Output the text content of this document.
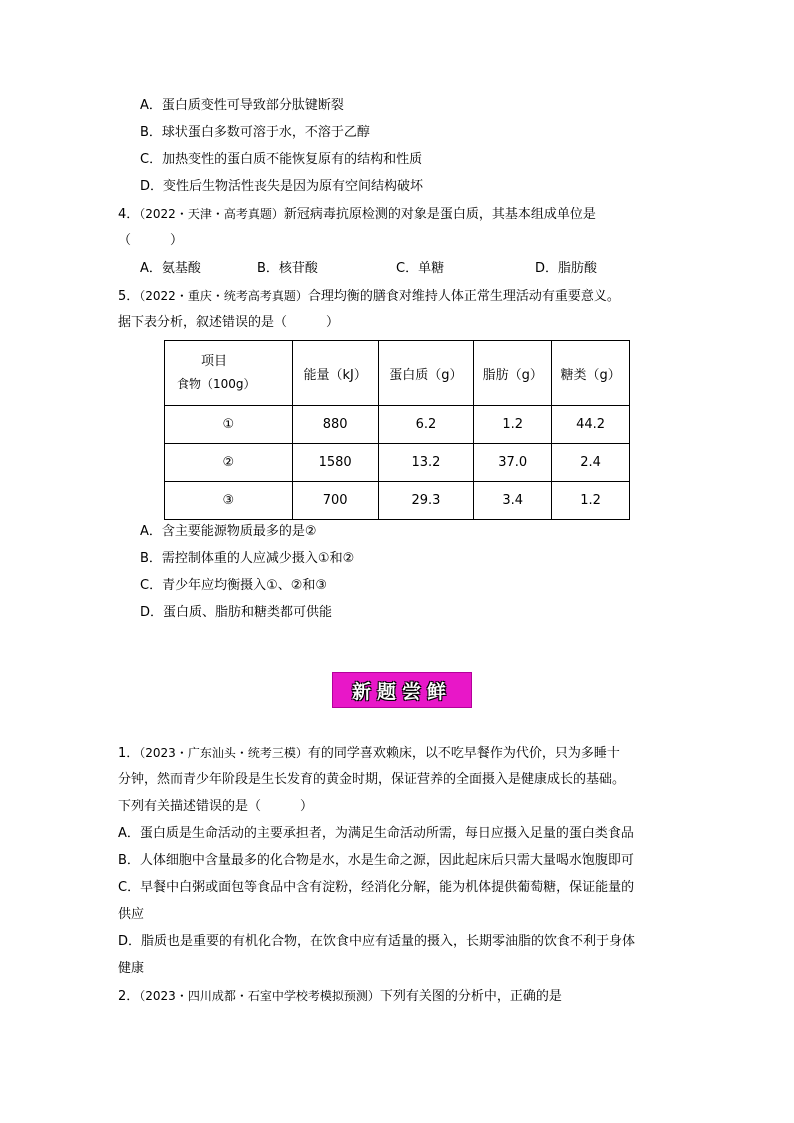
A．蛋白质变性可导致部分肽键断裂
B．球状蛋白多数可溶于水，不溶于乙醇
C．加热变性的蛋白质不能恢复原有的结构和性质
D．变性后生物活性丧失是因为原有空间结构破坏
4．（2022・天津・高考真题）新冠病毒抗原检测的对象是蛋白质，其基本组成单位是
（　　　）
A．氨基酸	B．核苷酸	C．单糖	D．脂肪酸
5．（2022・重庆・统考高考真题）合理均衡的膳食对维持人体正常生理活动有重要意义。
据下表分析，叙述错误的是（　　　）
项目
食物（100g）	能量（kJ）	蛋白质（g）	脂肪（g）	糖类（g）
①	880	6.2	1.2	44.2
②	1580	13.2	37.0	2.4
③	700	29.3	3.4	1.2
A．含主要能源物质最多的是②
B．需控制体重的人应减少摄入①和②
C．青少年应均衡摄入①、②和③
D．蛋白质、脂肪和糖类都可供能
新题尝鲜
1．（2023・广东汕头・统考三模）有的同学喜欢赖床，以不吃早餐作为代价，只为多睡十
分钟，然而青少年阶段是生长发育的黄金时期，保证营养的全面摄入是健康成长的基础。
下列有关描述错误的是（　　　）
A．蛋白质是生命活动的主要承担者，为满足生命活动所需，每日应摄入足量的蛋白类食品
B．人体细胞中含量最多的化合物是水，水是生命之源，因此起床后只需大量喝水饱腹即可
C．早餐中白粥或面包等食品中含有淀粉，经消化分解，能为机体提供葡萄糖，保证能量的
供应
D．脂质也是重要的有机化合物，在饮食中应有适量的摄入，长期零油脂的饮食不利于身体
健康
2．（2023・四川成都・石室中学校考模拟预测）下列有关图的分析中，正确的是
